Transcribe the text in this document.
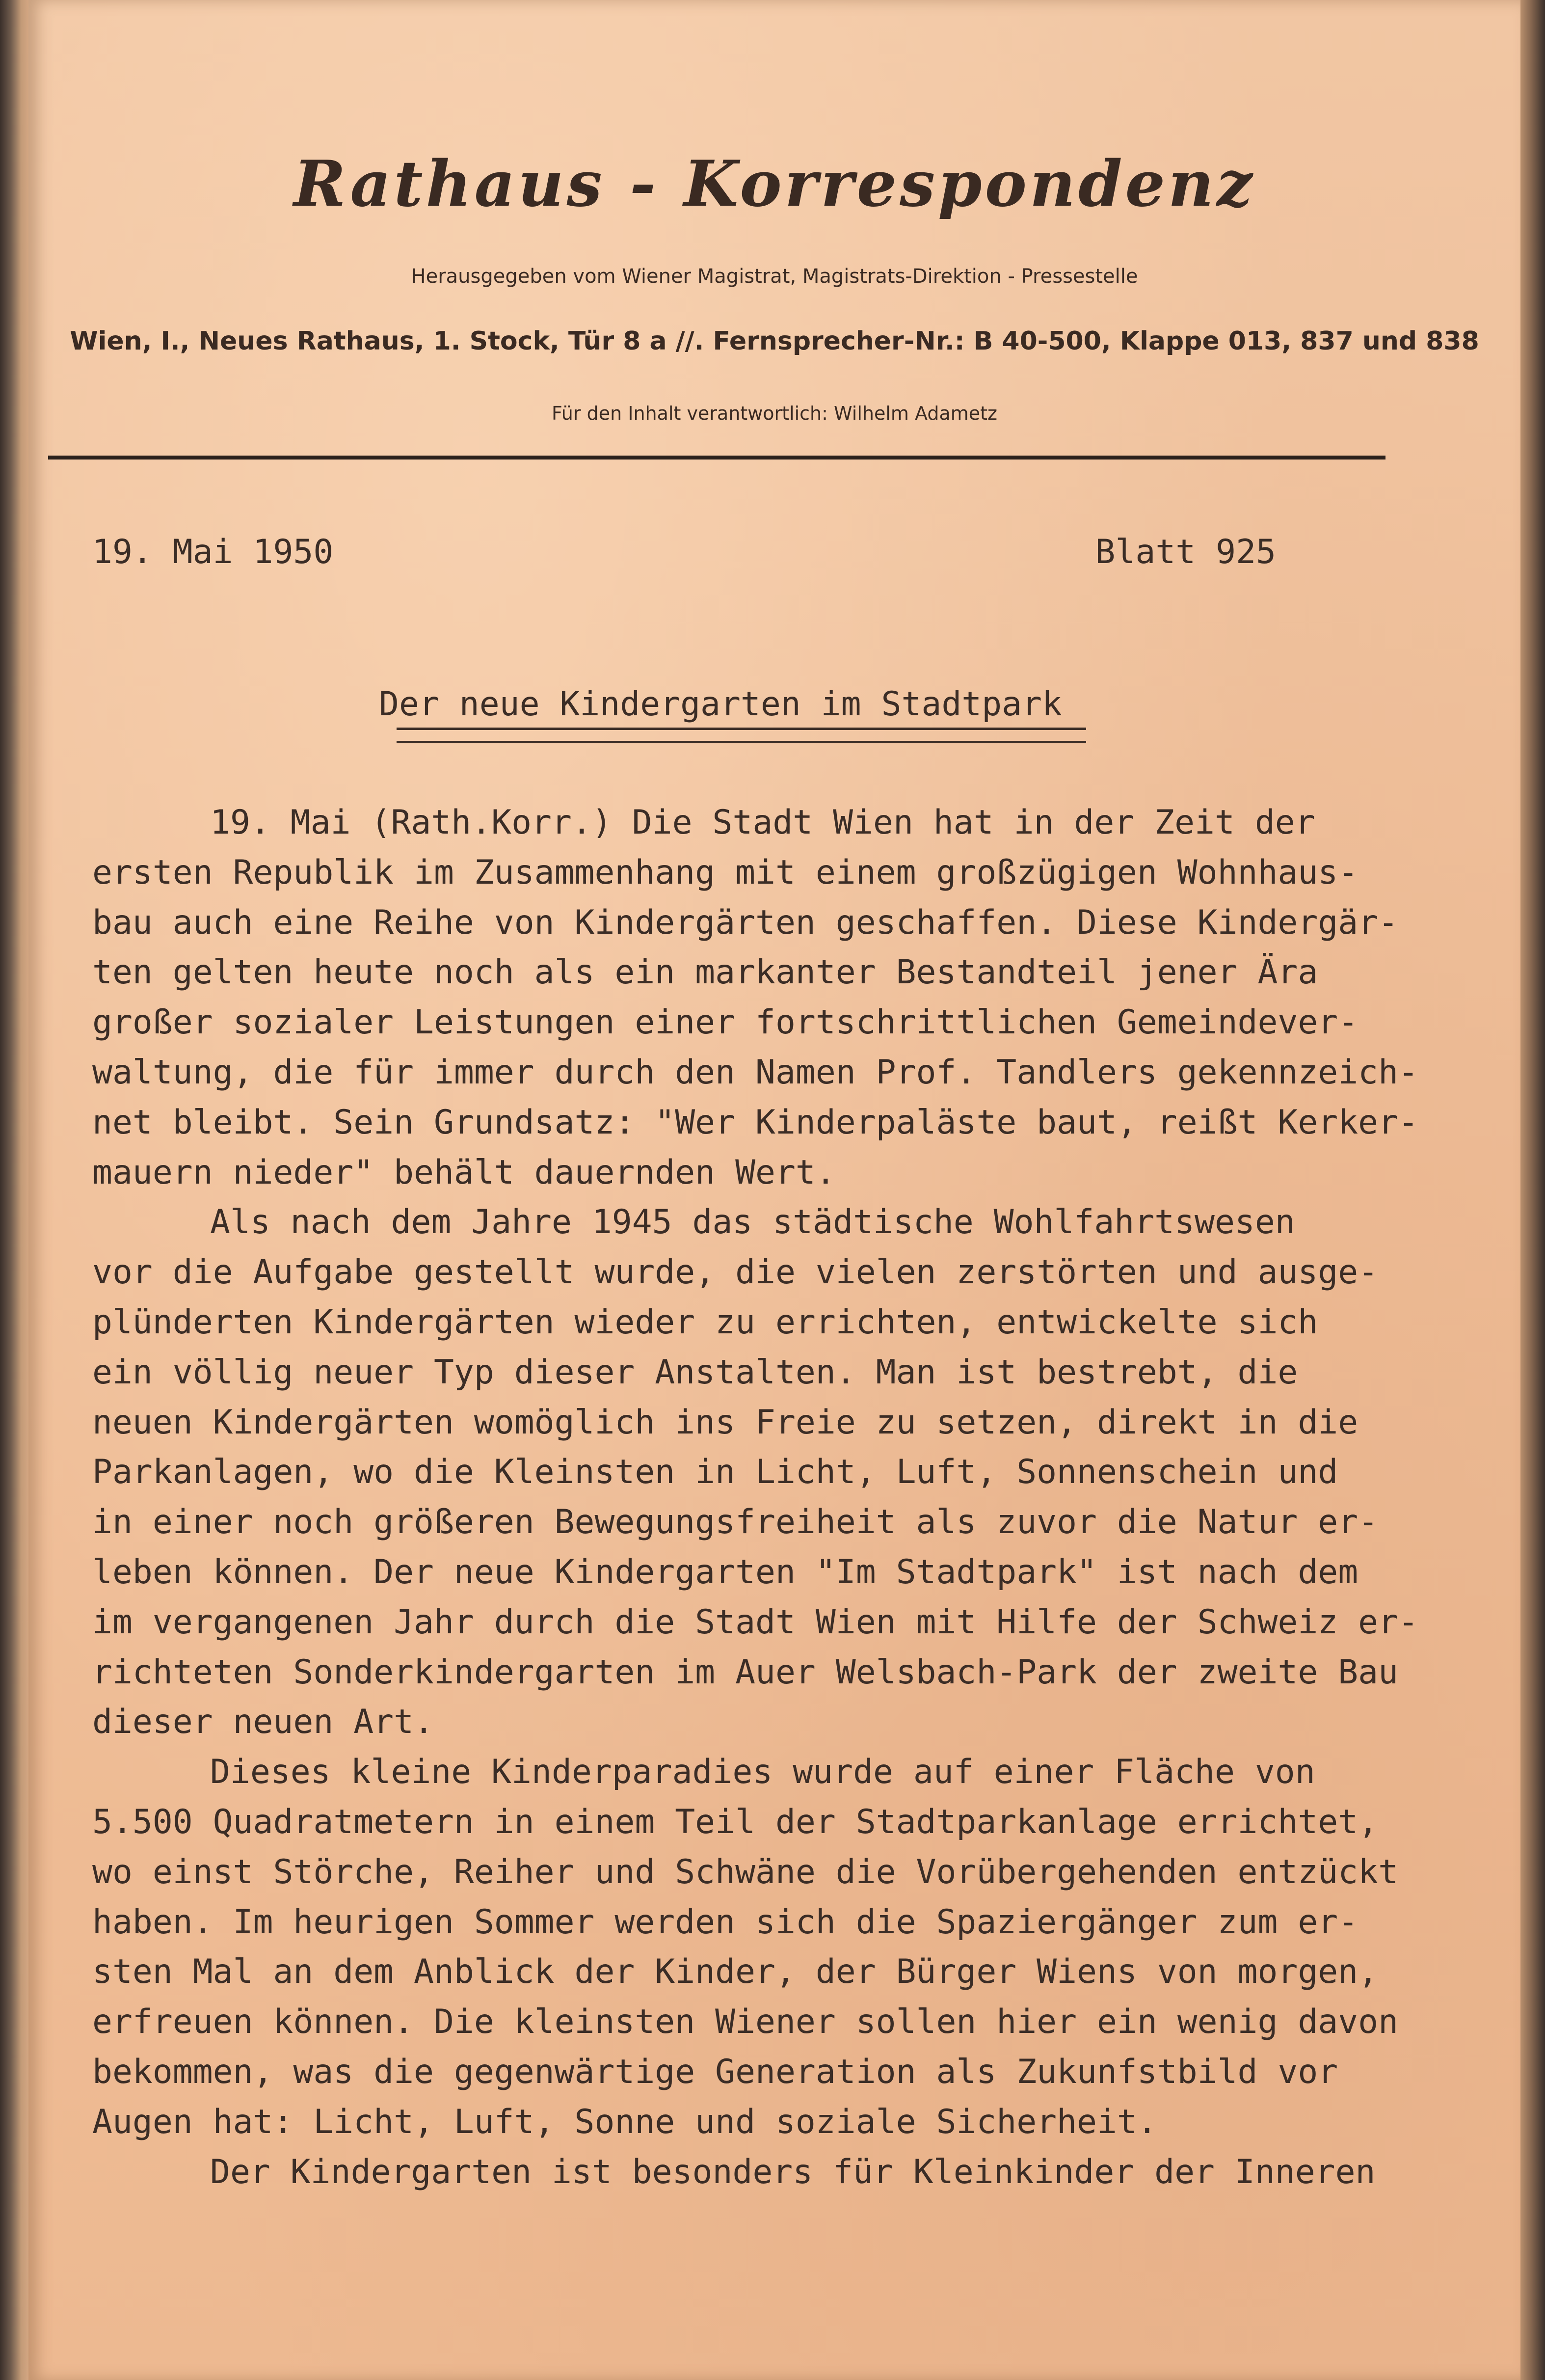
Rathaus - Korrespondenz

Herausgegeben vom Wiener Magistrat, Magistrats-Direktion - Pressestelle

Wien, I., Neues Rathaus, 1. Stock, Tür 8 a //. Fernsprecher-Nr.: B 40-500, Klappe 013, 837 und 838

Für den Inhalt verantwortlich: Wilhelm Adametz

19. Mai 1950	Blatt 925

Der neue Kindergarten im Stadtpark

19. Mai (Rath.Korr.) Die Stadt Wien hat in der Zeit der

ersten Republik im Zusammenhang mit einem großzügigen Wohnhaus-

bau auch eine Reihe von Kindergärten geschaffen. Diese Kindergär-

ten gelten heute noch als ein markanter Bestandteil jener Ära

großer sozialer Leistungen einer fortschrittlichen Gemeindever-

waltung, die für immer durch den Namen Prof. Tandlers gekennzeich-

net bleibt. Sein Grundsatz: "Wer Kinderpaläste baut, reißt Kerker-

mauern nieder" behält dauernden Wert.

Als nach dem Jahre 1945 das städtische Wohlfahrtswesen

vor die Aufgabe gestellt wurde, die vielen zerstörten und ausge-

plünderten Kindergärten wieder zu errichten, entwickelte sich

ein völlig neuer Typ dieser Anstalten. Man ist bestrebt, die

neuen Kindergärten womöglich ins Freie zu setzen, direkt in die

Parkanlagen, wo die Kleinsten in Licht, Luft, Sonnenschein und

in einer noch größeren Bewegungsfreiheit als zuvor die Natur er-

leben können. Der neue Kindergarten "Im Stadtpark" ist nach dem

im vergangenen Jahr durch die Stadt Wien mit Hilfe der Schweiz er-

richteten Sonderkindergarten im Auer Welsbach-Park der zweite Bau

dieser neuen Art.

Dieses kleine Kinderparadies wurde auf einer Fläche von

5.500 Quadratmetern in einem Teil der Stadtparkanlage errichtet,

wo einst Störche, Reiher und Schwäne die Vorübergehenden entzückt

haben. Im heurigen Sommer werden sich die Spaziergänger zum er-

sten Mal an dem Anblick der Kinder, der Bürger Wiens von morgen,

erfreuen können. Die kleinsten Wiener sollen hier ein wenig davon

bekommen, was die gegenwärtige Generation als Zukunfstbild vor

Augen hat: Licht, Luft, Sonne und soziale Sicherheit.

Der Kindergarten ist besonders für Kleinkinder der Inneren
